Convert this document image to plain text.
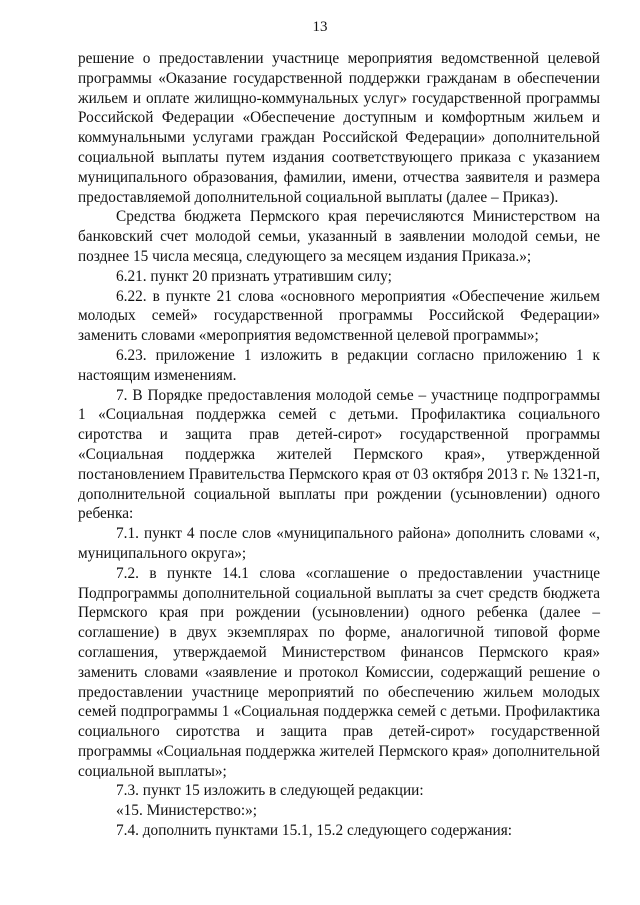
13

решение о предоставлении участнице мероприятия ведомственной целевой программы «Оказание государственной поддержки гражданам в обеспечении жильем и оплате жилищно-коммунальных услуг» государственной программы Российской Федерации «Обеспечение доступным и комфортным жильем и коммунальными услугами граждан Российской Федерации» дополнительной социальной выплаты путем издания соответствующего приказа с указанием муниципального образования, фамилии, имени, отчества заявителя и размера предоставляемой дополнительной социальной выплаты (далее – Приказ).

Средства бюджета Пермского края перечисляются Министерством на банковский счет молодой семьи, указанный в заявлении молодой семьи, не позднее 15 числа месяца, следующего за месяцем издания Приказа.»;

6.21. пункт 20 признать утратившим силу;

6.22. в пункте 21 слова «основного мероприятия «Обеспечение жильем молодых семей» государственной программы Российской Федерации» заменить словами «мероприятия ведомственной целевой программы»;

6.23. приложение 1 изложить в редакции согласно приложению 1 к настоящим изменениям.

7. В Порядке предоставления молодой семье – участнице подпрограммы 1 «Социальная поддержка семей с детьми. Профилактика социального сиротства и защита прав детей-сирот» государственной программы «Социальная поддержка жителей Пермского края», утвержденной постановлением Правительства Пермского края от 03 октября 2013 г. № 1321-п, дополнительной социальной выплаты при рождении (усыновлении) одного ребенка:

7.1. пункт 4 после слов «муниципального района» дополнить словами «, муниципального округа»;

7.2. в пункте 14.1 слова «соглашение о предоставлении участнице Подпрограммы дополнительной социальной выплаты за счет средств бюджета Пермского края при рождении (усыновлении) одного ребенка (далее – соглашение) в двух экземплярах по форме, аналогичной типовой форме соглашения, утверждаемой Министерством финансов Пермского края» заменить словами «заявление и протокол Комиссии, содержащий решение о предоставлении участнице мероприятий по обеспечению жильем молодых семей подпрограммы 1 «Социальная поддержка семей с детьми. Профилактика социального сиротства и защита прав детей-сирот» государственной программы «Социальная поддержка жителей Пермского края» дополнительной социальной выплаты»;

7.3. пункт 15 изложить в следующей редакции:

«15. Министерство:»;

7.4. дополнить пунктами 15.1, 15.2 следующего содержания:
